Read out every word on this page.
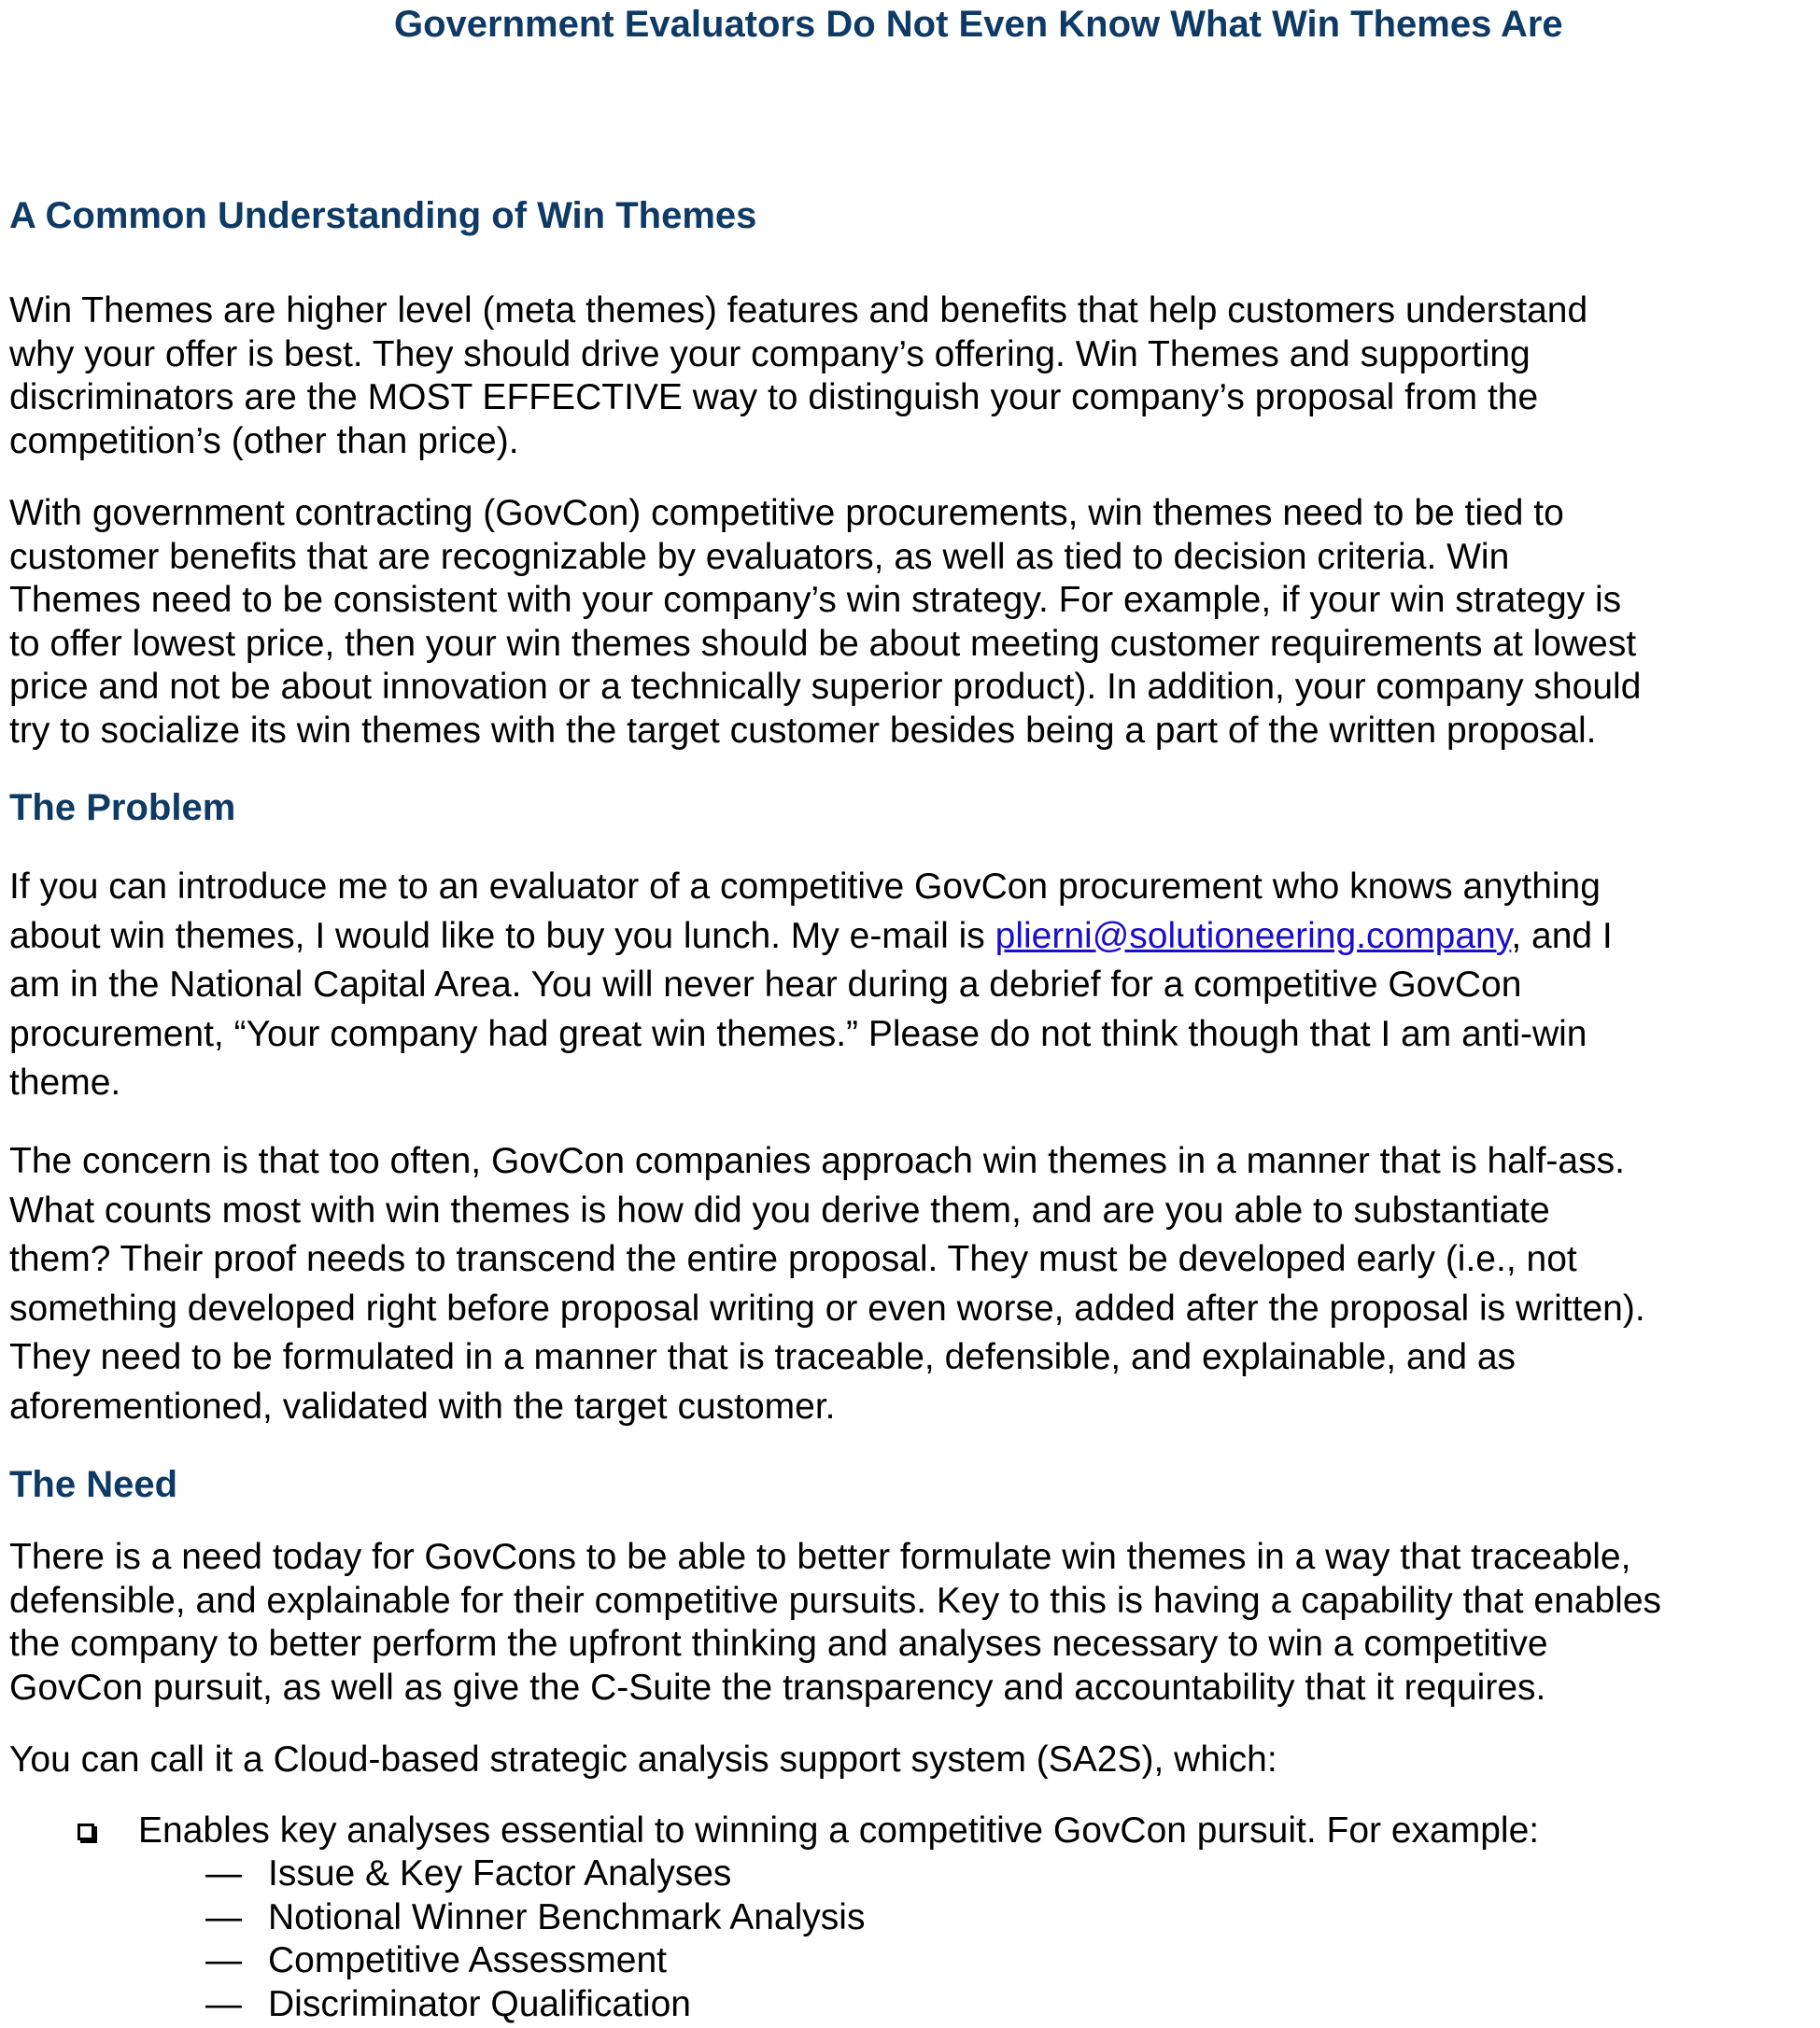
Government Evaluators Do Not Even Know What Win Themes Are
A Common Understanding of Win Themes
Win Themes are higher level (meta themes) features and benefits that help customers understand
why your offer is best. They should drive your company’s offering. Win Themes and supporting
discriminators are the MOST EFFECTIVE way to distinguish your company’s proposal from the
competition’s (other than price).
With government contracting (GovCon) competitive procurements, win themes need to be tied to
customer benefits that are recognizable by evaluators, as well as tied to decision criteria. Win
Themes need to be consistent with your company’s win strategy. For example, if your win strategy is
to offer lowest price, then your win themes should be about meeting customer requirements at lowest
price and not be about innovation or a technically superior product). In addition, your company should
try to socialize its win themes with the target customer besides being a part of the written proposal.
The Problem
If you can introduce me to an evaluator of a competitive GovCon procurement who knows anything
about win themes, I would like to buy you lunch. My e-mail is plierni@solutioneering.company, and I
am in the National Capital Area. You will never hear during a debrief for a competitive GovCon
procurement, “Your company had great win themes.” Please do not think though that I am anti-win
theme.
The concern is that too often, GovCon companies approach win themes in a manner that is half-ass.
What counts most with win themes is how did you derive them, and are you able to substantiate
them? Their proof needs to transcend the entire proposal. They must be developed early (i.e., not
something developed right before proposal writing or even worse, added after the proposal is written).
They need to be formulated in a manner that is traceable, defensible, and explainable, and as
aforementioned, validated with the target customer.
The Need
There is a need today for GovCons to be able to better formulate win themes in a way that traceable,
defensible, and explainable for their competitive pursuits. Key to this is having a capability that enables
the company to better perform the upfront thinking and analyses necessary to win a competitive
GovCon pursuit, as well as give the C-Suite the transparency and accountability that it requires.
You can call it a Cloud-based strategic analysis support system (SA2S), which:
Enables key analyses essential to winning a competitive GovCon pursuit. For example:
— Issue & Key Factor Analyses
— Notional Winner Benchmark Analysis
— Competitive Assessment
— Discriminator Qualification
